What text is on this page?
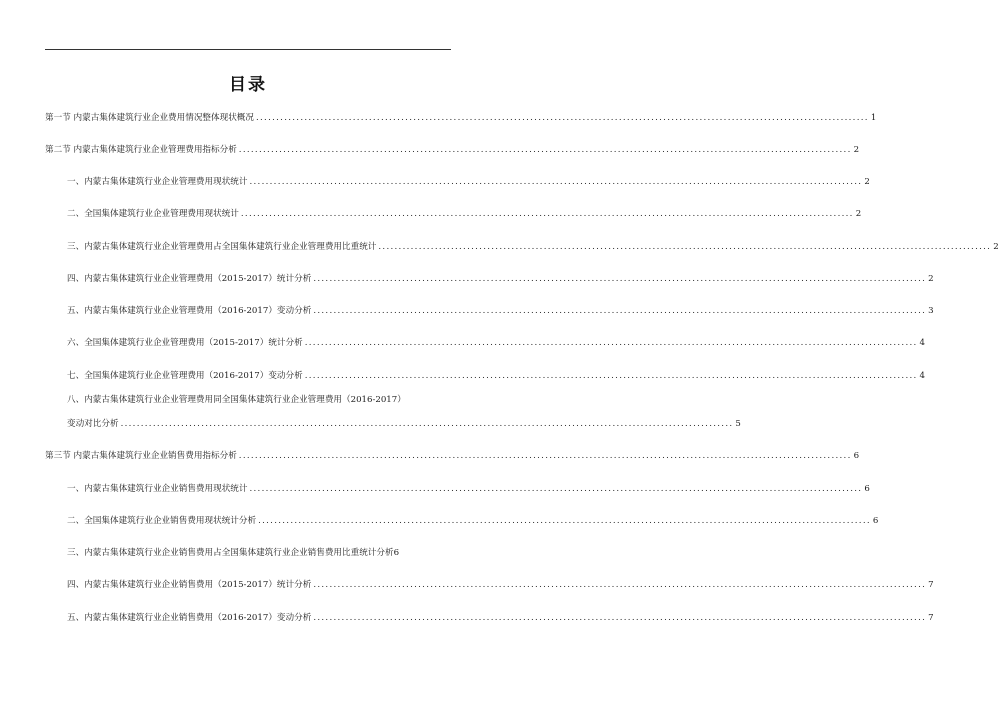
目录
第一节 内蒙古集体建筑行业企业费用情况整体现状概况 ........................................................................................................................................................ 1
第二节 内蒙古集体建筑行业企业管理费用指标分析 ........................................................................................................................................................ 2
一、内蒙古集体建筑行业企业管理费用现状统计 ........................................................................................................................................................ 2
二、全国集体建筑行业企业管理费用现状统计 ........................................................................................................................................................ 2
三、内蒙古集体建筑行业企业管理费用占全国集体建筑行业企业管理费用比重统计 ........................................................................................................................................................ 2
四、内蒙古集体建筑行业企业管理费用（2015-2017）统计分析 ........................................................................................................................................................ 2
五、内蒙古集体建筑行业企业管理费用（2016-2017）变动分析 ........................................................................................................................................................ 3
六、全国集体建筑行业企业管理费用（2015-2017）统计分析 ........................................................................................................................................................ 4
七、全国集体建筑行业企业管理费用（2016-2017）变动分析 ........................................................................................................................................................ 4
八、内蒙古集体建筑行业企业管理费用同全国集体建筑行业企业管理费用（2016-2017）
变动对比分析 ........................................................................................................................................................ 5
第三节 内蒙古集体建筑行业企业销售费用指标分析 ........................................................................................................................................................ 6
一、内蒙古集体建筑行业企业销售费用现状统计 ........................................................................................................................................................ 6
二、全国集体建筑行业企业销售费用现状统计分析 ........................................................................................................................................................ 6
三、内蒙古集体建筑行业企业销售费用占全国集体建筑行业企业销售费用比重统计分析 6
四、内蒙古集体建筑行业企业销售费用（2015-2017）统计分析 ........................................................................................................................................................ 7
五、内蒙古集体建筑行业企业销售费用（2016-2017）变动分析 ........................................................................................................................................................ 7
